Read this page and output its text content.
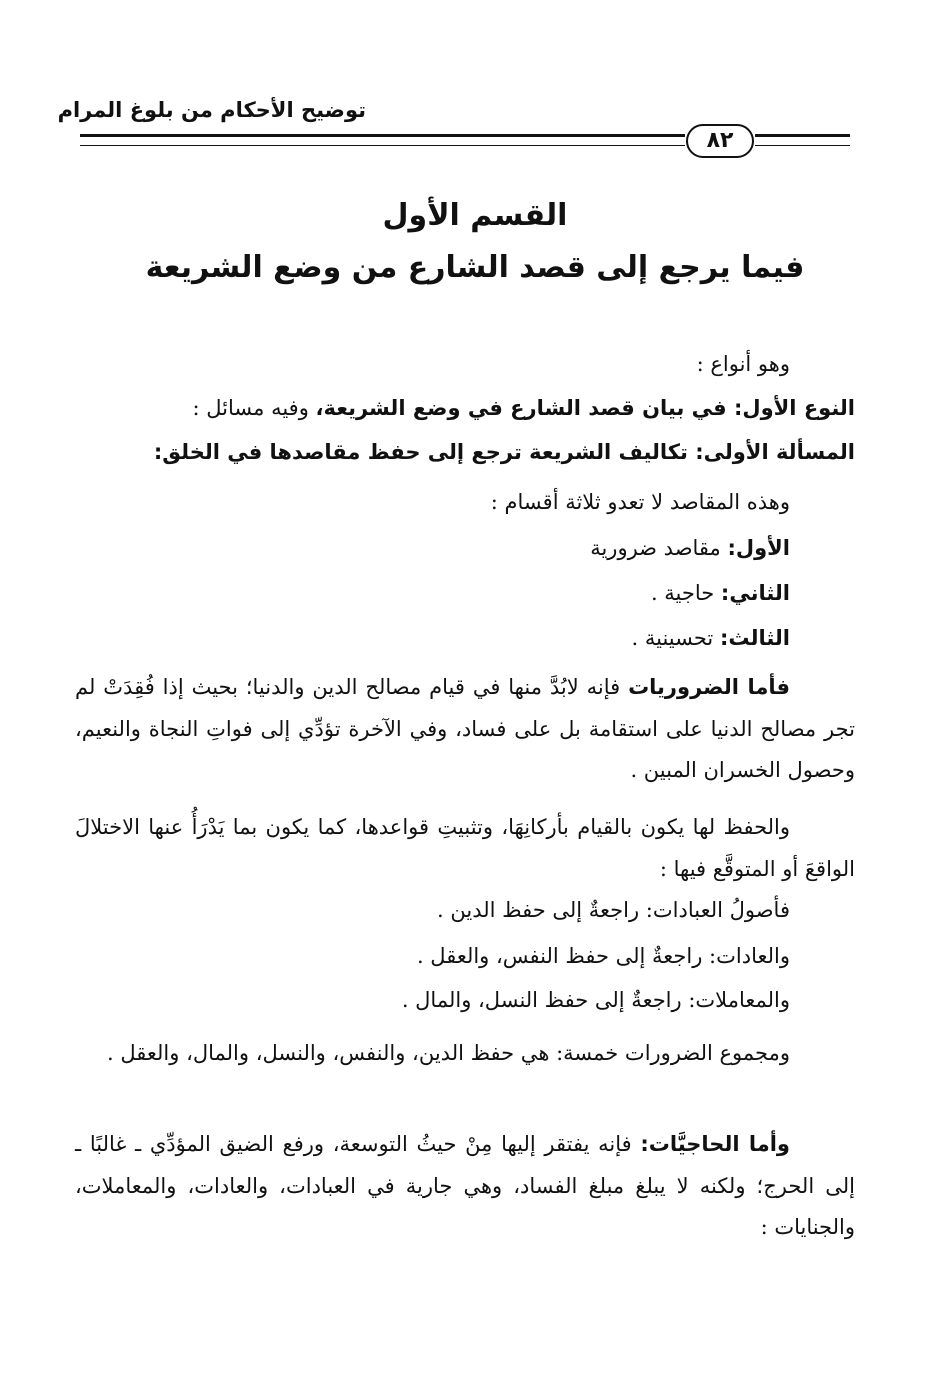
توضيح الأحكام من بلوغ المرام
٨٢
القسم الأول
فيما يرجع إلى قصد الشارع من وضع الشريعة
وهو أنواع :
النوع الأول: في بيان قصد الشارع في وضع الشريعة، وفيه مسائل :
المسألة الأولى: تكاليف الشريعة ترجع إلى حفظ مقاصدها في الخلق:
وهذه المقاصد لا تعدو ثلاثة أقسام :
الأول: مقاصد ضرورية
الثاني: حاجية .
الثالث: تحسينية .
فأما الضروريات فإنه لابُدَّ منها في قيام مصالح الدين والدنيا؛ بحيث إذا فُقِدَتْ لم تجر مصالح الدنيا على استقامة بل على فساد، وفي الآخرة تؤدِّي إلى فواتِ النجاة والنعيم، وحصول الخسران المبين .
والحفظ لها يكون بالقيام بأركانِهَا، وتثبيتِ قواعدها، كما يكون بما يَدْرَأُ عنها الاختلالَ الواقعَ أو المتوقَّع فيها :
فأصولُ العبادات: راجعةٌ إلى حفظ الدين .
والعادات: راجعةٌ إلى حفظ النفس، والعقل .
والمعاملات: راجعةٌ إلى حفظ النسل، والمال .
ومجموع الضرورات خمسة: هي حفظ الدين، والنفس، والنسل، والمال، والعقل .
وأما الحاجيَّات: فإنه يفتقر إليها مِنْ حيثُ التوسعة، ورفع الضيق المؤدِّي ـ غالبًا ـ إلى الحرج؛ ولكنه لا يبلغ مبلغ الفساد، وهي جارية في العبادات، والعادات، والمعاملات، والجنايات :
